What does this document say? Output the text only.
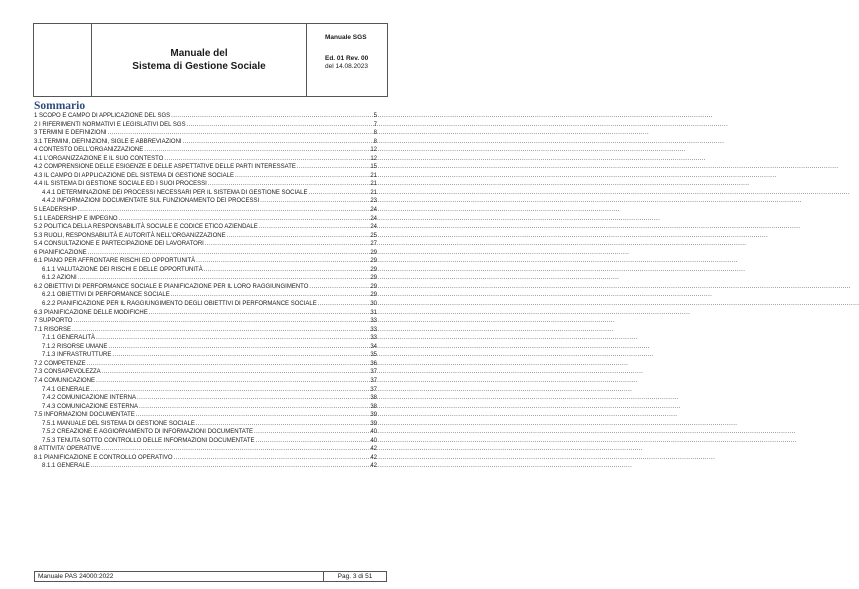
Manuale del
Sistema di Gestione Sociale
Manuale SGS
Ed. 01 Rev. 00
del 14.08.2023
Sommario
1 SCOPO E CAMPO DI APPLICAZIONE DEL SGS .....	5
2 I RIFERIMENTI NORMATIVI E LEGISLATIVI DEL SGS .....	7
3 TERMINI E DEFINIZIONI .....	8
3.1 TERMINI, DEFINIZIONI, SIGLE E ABBREVIAZIONI .....	8
4 CONTESTO DELL’ORGANIZZAZIONE .....	12
4.1 L’ORGANIZZAZIONE E IL SUO CONTESTO .....	12
4.2 COMPRENSIONE DELLE ESIGENZE E DELLE ASPETTATIVE DELLE PARTI INTERESSATE .....	15
4.3 IL CAMPO DI APPLICAZIONE DEL SISTEMA DI GESTIONE SOCIALE .....	21
4.4 IL SISTEMA DI GESTIONE SOCIALE ED I SUOI PROCESSI .....	21
4.4.1 DETERMINAZIONE DEI PROCESSI NECESSARI PER IL SISTEMA DI GESTIONE SOCIALE .....	21
4.4.2 INFORMAZIONI DOCUMENTATE SUL FUNZIONAMENTO DEI PROCESSI .....	23
5 LEADERSHIP .....	24
5.1 LEADERSHIP E IMPEGNO .....	24
5.2 POLITICA DELLA RESPONSABILITÀ SOCIALE E CODICE ETICO AZIENDALE .....	24
5.3 RUOLI, RESPONSABILITÀ E AUTORITÀ NELL’ORGANIZZAZIONE .....	25
5.4 CONSULTAZIONE E PARTECIPAZIONE DEI LAVORATORI .....	27
6 PIANIFICAZIONE .....	29
6.1 PIANO PER AFFRONTARE RISCHI ED OPPORTUNITÀ .....	29
6.1.1 VALUTAZIONE DEI RISCHI E DELLE OPPORTUNITÀ .....	29
6.1.2 AZIONI .....	29
6.2 OBIETTIVI DI PERFORMANCE SOCIALE E PIANIFICAZIONE PER IL LORO RAGGIUNGIMENTO .....	29
6.2.1 OBIETTIVI DI PERFORMANCE SOCIALE .....	29
6.2.2 PIANIFICAZIONE PER IL RAGGIUNGIMENTO DEGLI OBIETTIVI DI PERFORMANCE SOCIALE .....	30
6.3 PIANIFICAZIONE DELLE MODIFICHE .....	31
7 SUPPORTO .....	33
7.1 RISORSE .....	33
7.1.1 GENERALITÀ .....	33
7.1.2 RISORSE UMANE .....	34
7.1.3 INFRASTRUTTURE .....	35
7.2 COMPETENZE .....	36
7.3 CONSAPEVOLEZZA .....	37
7.4 COMUNICAZIONE .....	37
7.4.1 GENERALE .....	37
7.4.2 COMUNICAZIONE INTERNA .....	38
7.4.3 COMUNICAZIONE ESTERNA .....	38
7.5 INFORMAZIONI DOCUMENTATE .....	39
7.5.1 MANUALE DEL SISTEMA DI GESTIONE SOCIALE .....	39
7.5.2 CREAZIONE E AGGIORNAMENTO DI INFORMAZIONI DOCUMENTATE .....	40
7.5.3 TENUTA SOTTO CONTROLLO DELLE INFORMAZIONI DOCUMENTATE .....	40
8 ATTIVITA’ OPERATIVE .....	42
8.1 PIANIFICAZIONE E CONTROLLO OPERATIVO .....	42
8.1.1 GENERALE .....	42
Manuale PAS 24000:2022	Pag. 3 di 51
